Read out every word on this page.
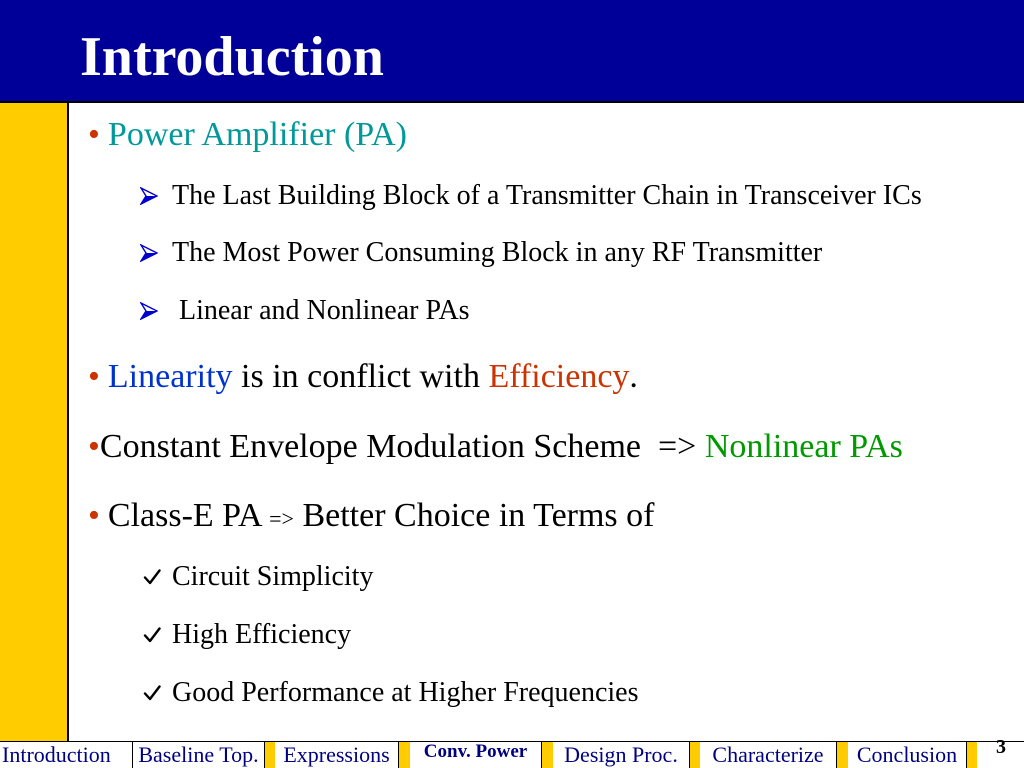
Introduction
• Power Amplifier (PA)
The Last Building Block of a Transmitter Chain in Transceiver ICs
The Most Power Consuming Block in any RF Transmitter
Linear and Nonlinear PAs
• Linearity is in conflict with Efficiency .
• Constant Envelope Modulation Scheme  => Nonlinear PAs
• Class-E PA => Better Choice in Terms of
Circuit Simplicity
High Efficiency
Good Performance at Higher Frequencies
Introduction	Baseline Top.	Expressions	Conv. Power	Design Proc.	Characterize	Conclusion	3
